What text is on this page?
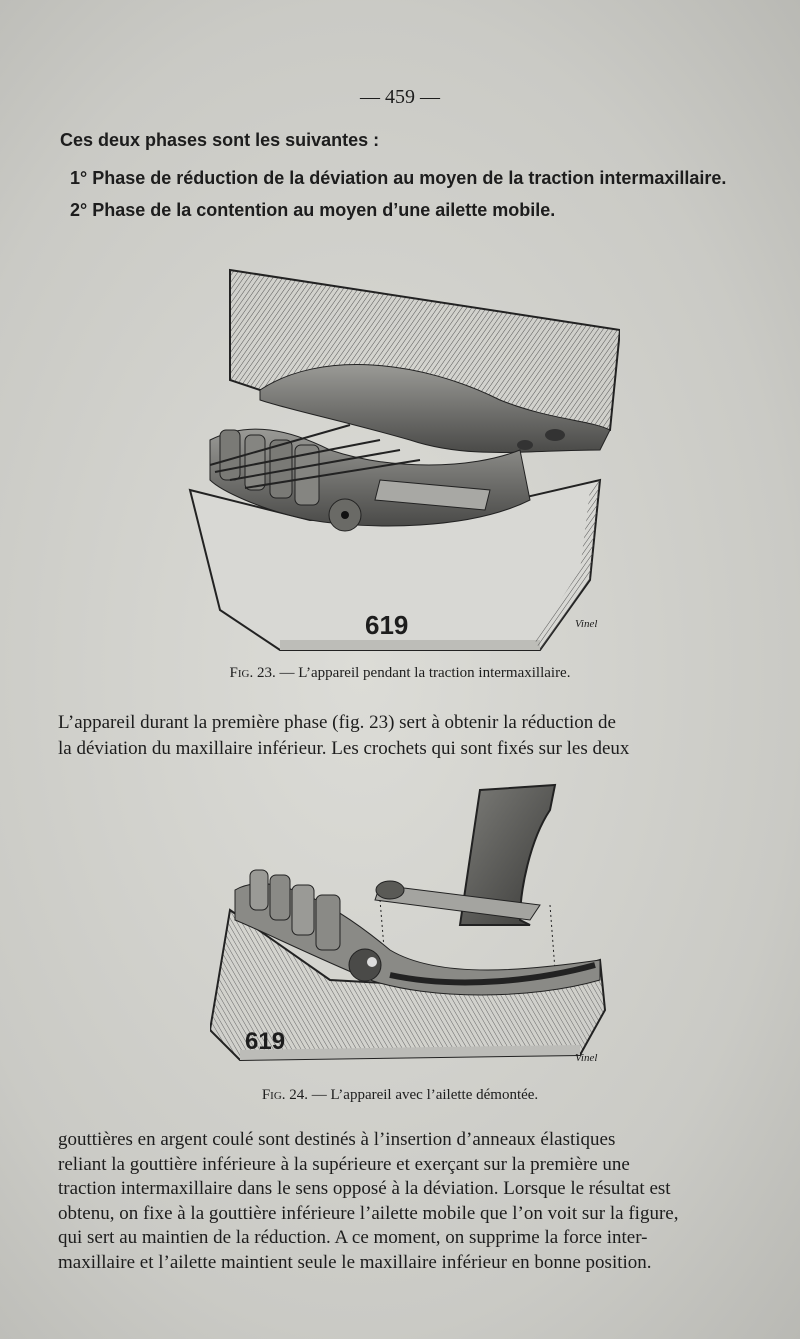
— 459 —
Ces deux phases sont les suivantes :
1° Phase de réduction de la déviation au moyen de la traction intermaxillaire.
2° Phase de la contention au moyen d’une ailette mobile.
619	Vinel
Fig. 23. — L’appareil pendant la traction intermaxillaire.
L’appareil durant la première phase (fig. 23) sert à obtenir la réduction de
la déviation du maxillaire inférieur. Les crochets qui sont fixés sur les deux
619
Vinel
Fig. 24. — L’appareil avec l’ailette démontée.
gouttières en argent coulé sont destinés à l’insertion d’anneaux élastiques
reliant la gouttière inférieure à la supérieure et exerçant sur la première une
traction intermaxillaire dans le sens opposé à la déviation. Lorsque le résultat est
obtenu, on fixe à la gouttière inférieure l’ailette mobile que l’on voit sur la figure,
qui sert au maintien de la réduction. A ce moment, on supprime la force inter-
maxillaire et l’ailette maintient seule le maxillaire inférieur en bonne position.
